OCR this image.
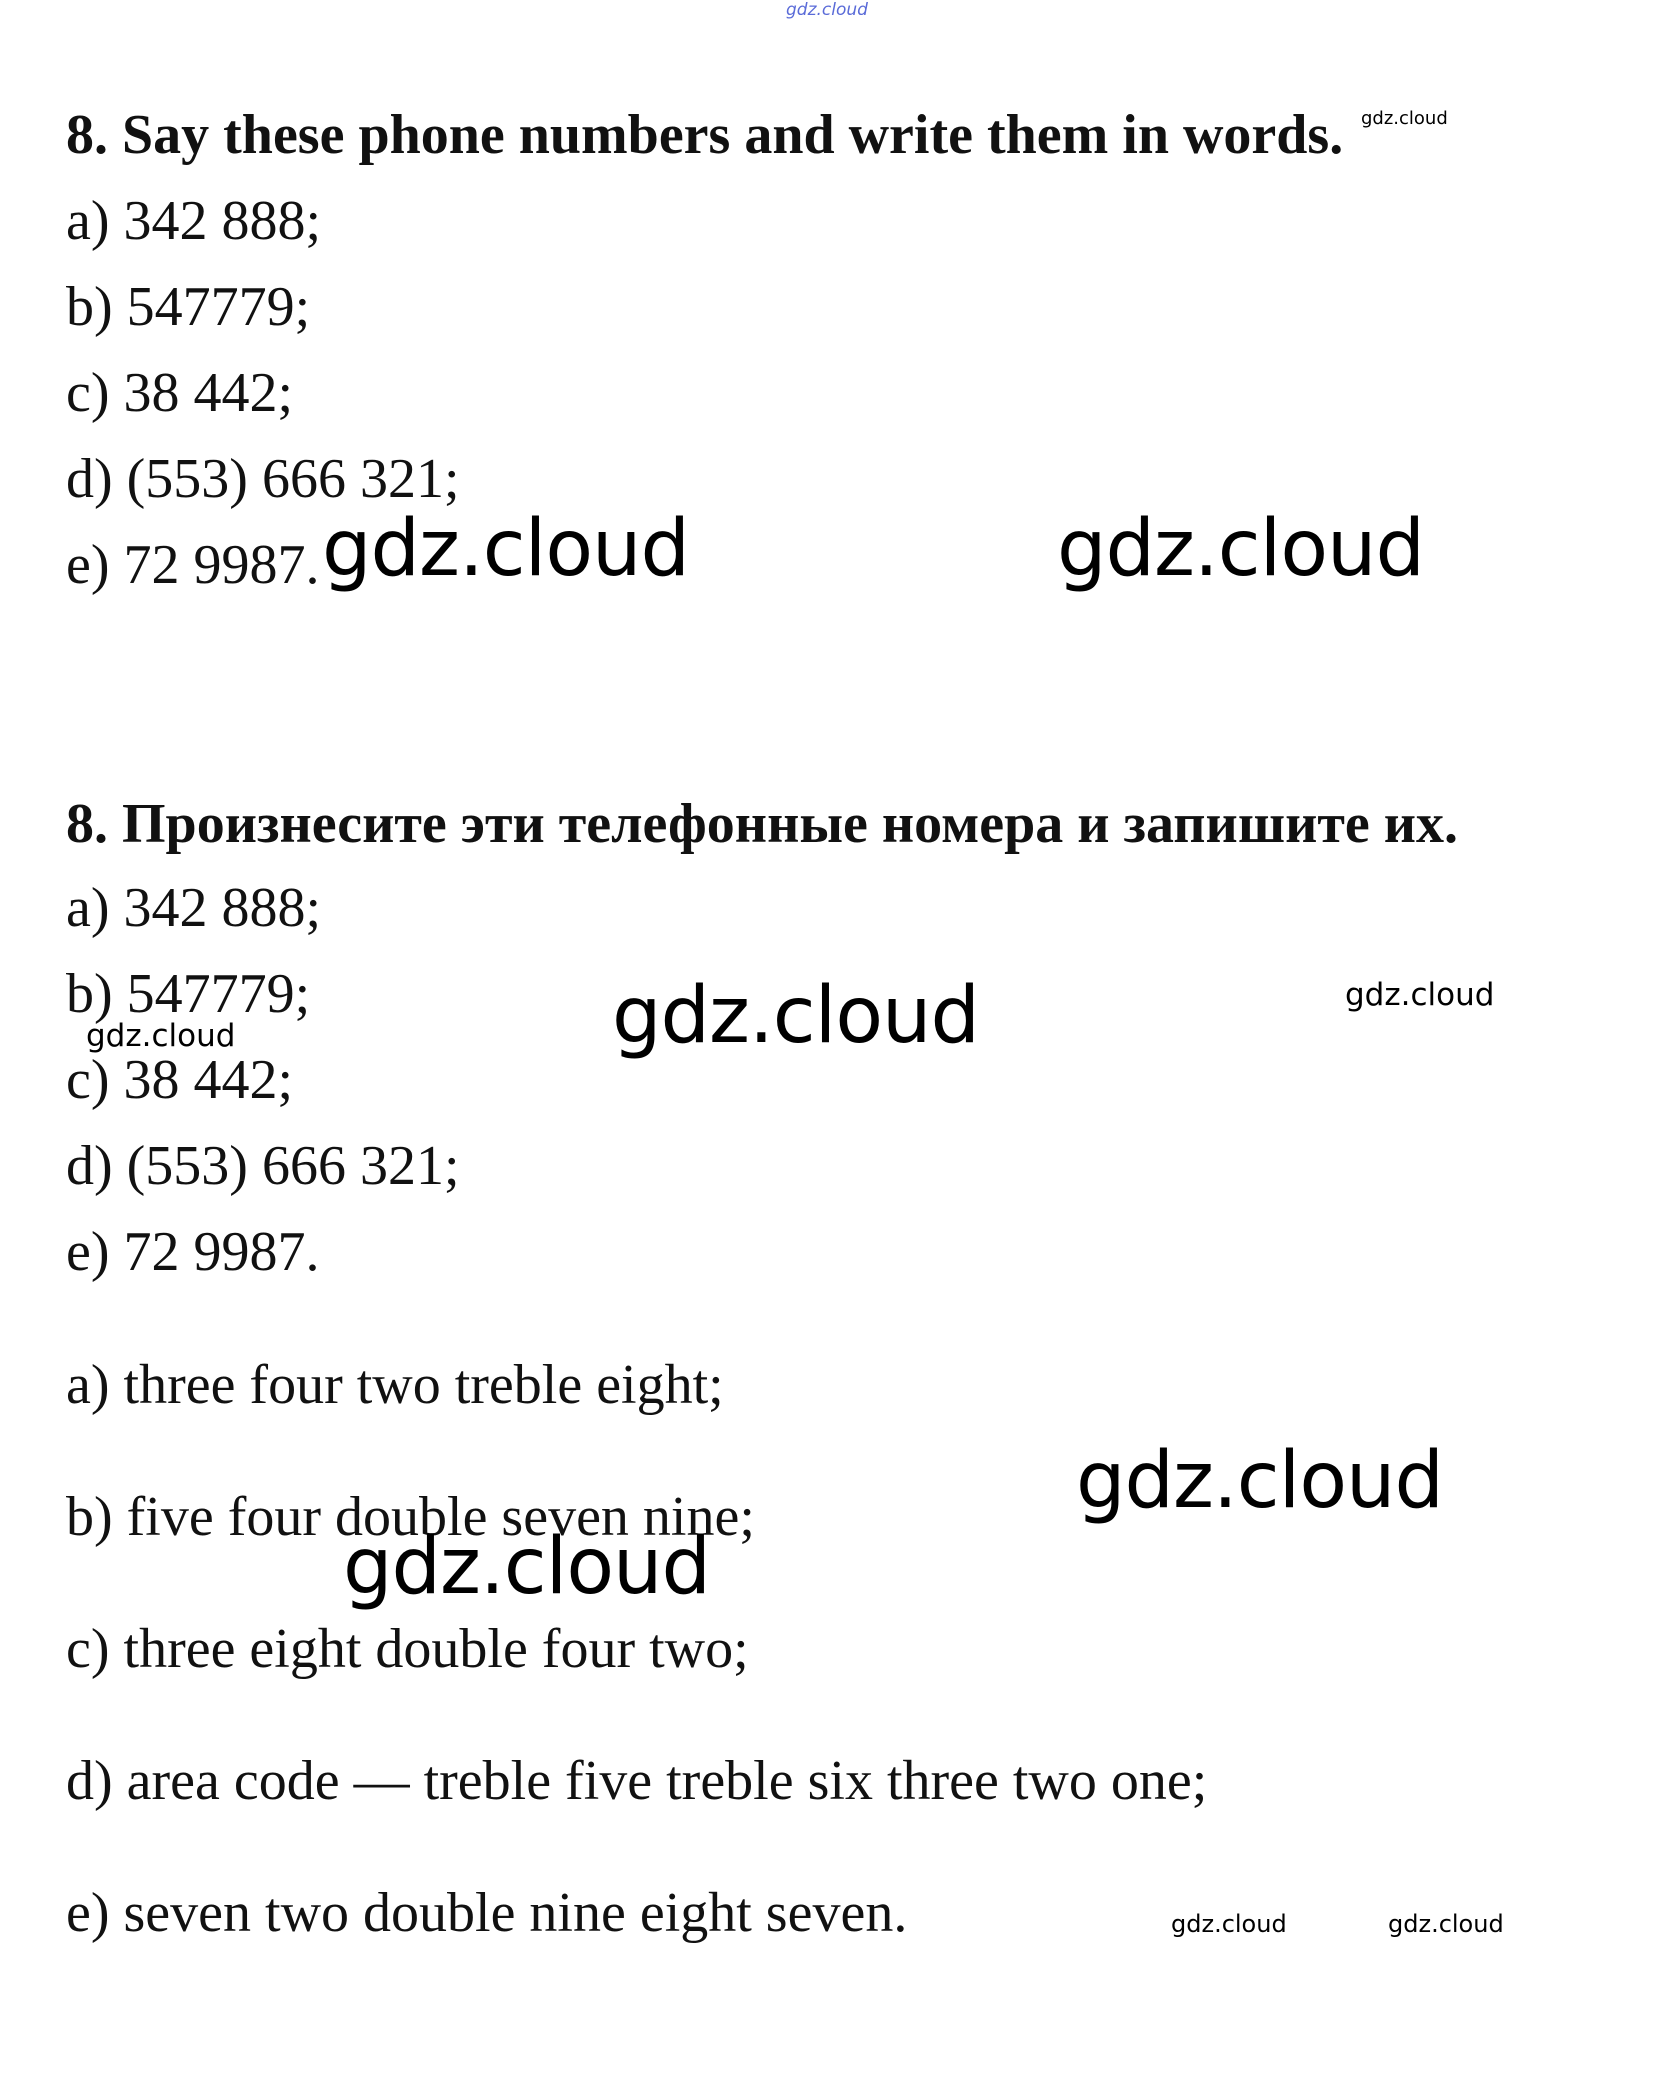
gdz.cloud
8. Say these phone numbers and write them in words.
a) 342 888;
b) 547779;
c) 38 442;
d) (553) 666 321;
e) 72 9987.
8. Произнесите эти телефонные номера и запишите их.
a) 342 888;
b) 547779;
c) 38 442;
d) (553) 666 321;
e) 72 9987.
a) three four two treble eight;
b) five four double seven nine;
c) three eight double four two;
d) area code — treble five treble six three two one;
e) seven two double nine eight seven.
gdz.cloud
gdz.cloud	gdz.cloud
gdz.cloud	gdz.cloud
gdz.cloud
gdz.cloud
gdz.cloud
gdz.cloud	gdz.cloud
